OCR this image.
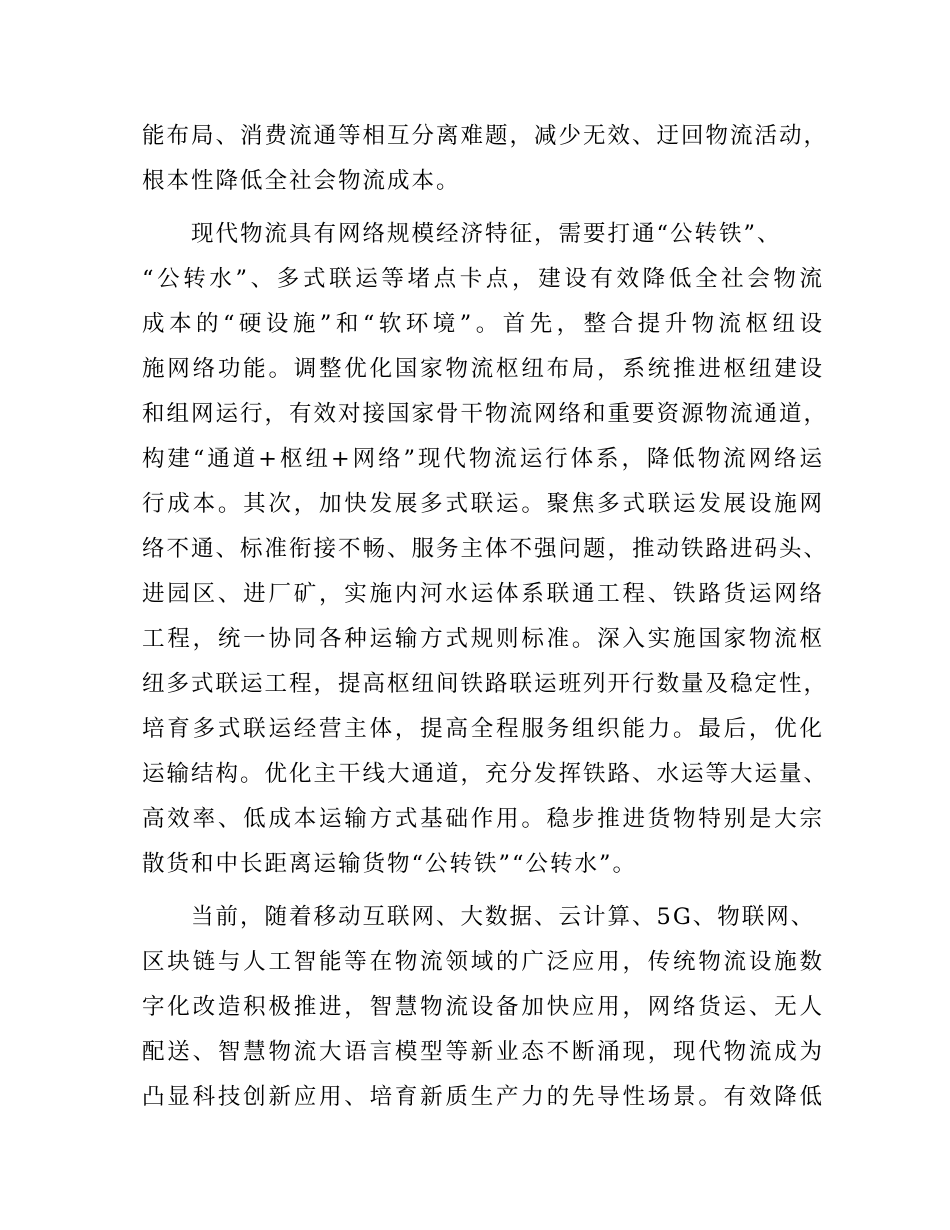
能布局、消费流通等相互分离难题，减少无效、迂回物流活动，
根本性降低全社会物流成本。
　　现代物流具有网络规模经济特征，需要打通“公转铁”、
“公转水”、多式联运等堵点卡点，建设有效降低全社会物流
成本的“硬设施”和“软环境”。首先，整合提升物流枢纽设
施网络功能。调整优化国家物流枢纽布局，系统推进枢纽建设
和组网运行，有效对接国家骨干物流网络和重要资源物流通道，
构建“通道+枢纽+网络”现代物流运行体系，降低物流网络运
行成本。其次，加快发展多式联运。聚焦多式联运发展设施网
络不通、标准衔接不畅、服务主体不强问题，推动铁路进码头、
进园区、进厂矿，实施内河水运体系联通工程、铁路货运网络
工程，统一协同各种运输方式规则标准。深入实施国家物流枢
纽多式联运工程，提高枢纽间铁路联运班列开行数量及稳定性，
培育多式联运经营主体，提高全程服务组织能力。最后，优化
运输结构。优化主干线大通道，充分发挥铁路、水运等大运量、
高效率、低成本运输方式基础作用。稳步推进货物特别是大宗
散货和中长距离运输货物“公转铁”“公转水”。
　　当前，随着移动互联网、大数据、云计算、5G、物联网、
区块链与人工智能等在物流领域的广泛应用，传统物流设施数
字化改造积极推进，智慧物流设备加快应用，网络货运、无人
配送、智慧物流大语言模型等新业态不断涌现，现代物流成为
凸显科技创新应用、培育新质生产力的先导性场景。有效降低
